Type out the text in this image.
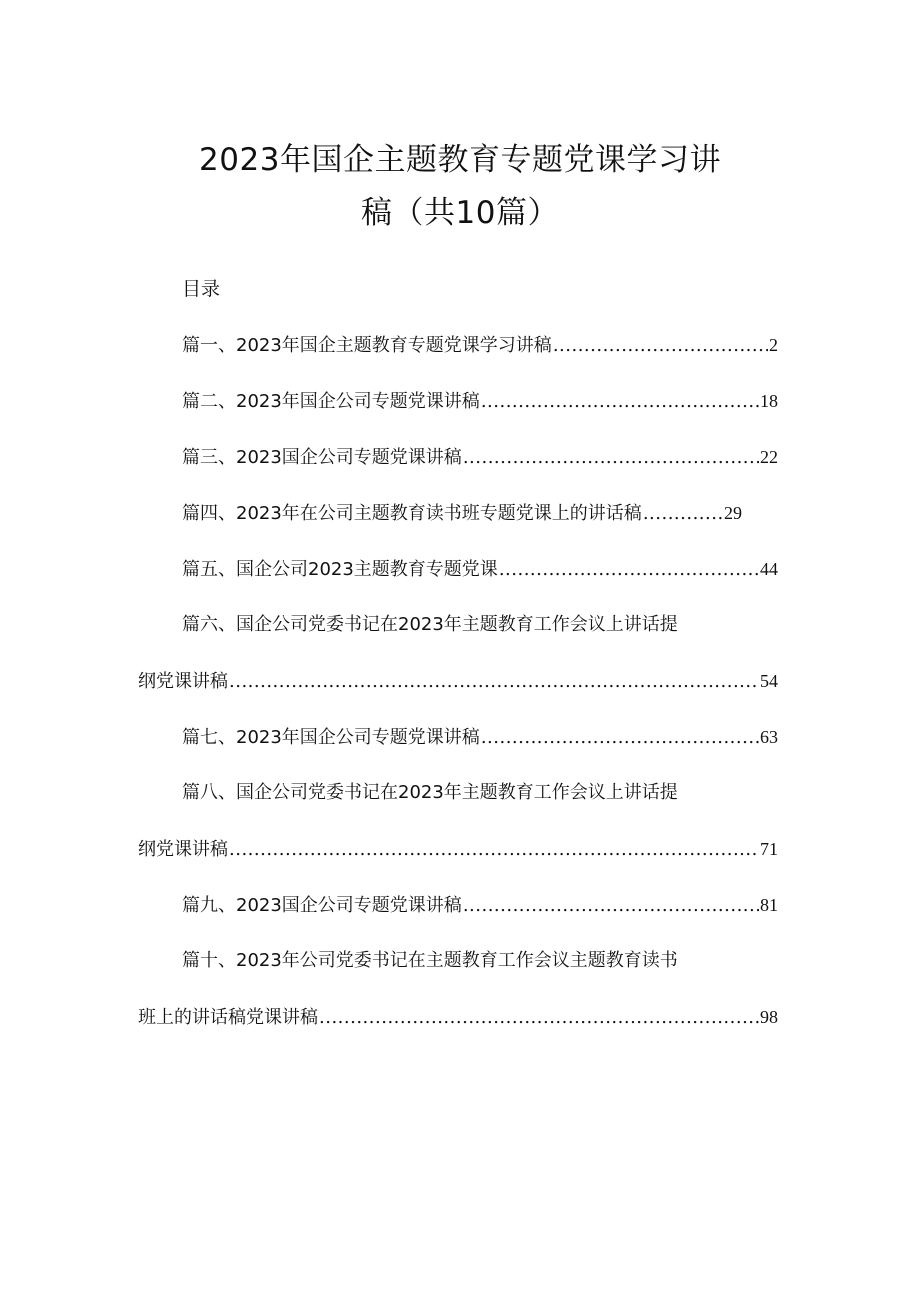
2023年国企主题教育专题党课学习讲
稿（共10篇）
目录
篇一、2023年国企主题教育专题党课学习讲稿 .....	2
篇二、2023年国企公司专题党课讲稿 .....	18
篇三、2023国企公司专题党课讲稿 .....	22
篇四、2023年在公司主题教育读书班专题党课上的讲话稿 .....	29
篇五、国企公司2023主题教育专题党课 .....	44
篇六、国企公司党委书记在2023年主题教育工作会议上讲话提
纲党课讲稿 .....	54
篇七、2023年国企公司专题党课讲稿 .....	63
篇八、国企公司党委书记在2023年主题教育工作会议上讲话提
纲党课讲稿 .....	71
篇九、2023国企公司专题党课讲稿 .....	81
篇十、2023年公司党委书记在主题教育工作会议主题教育读书
班上的讲话稿党课讲稿 .....	98
